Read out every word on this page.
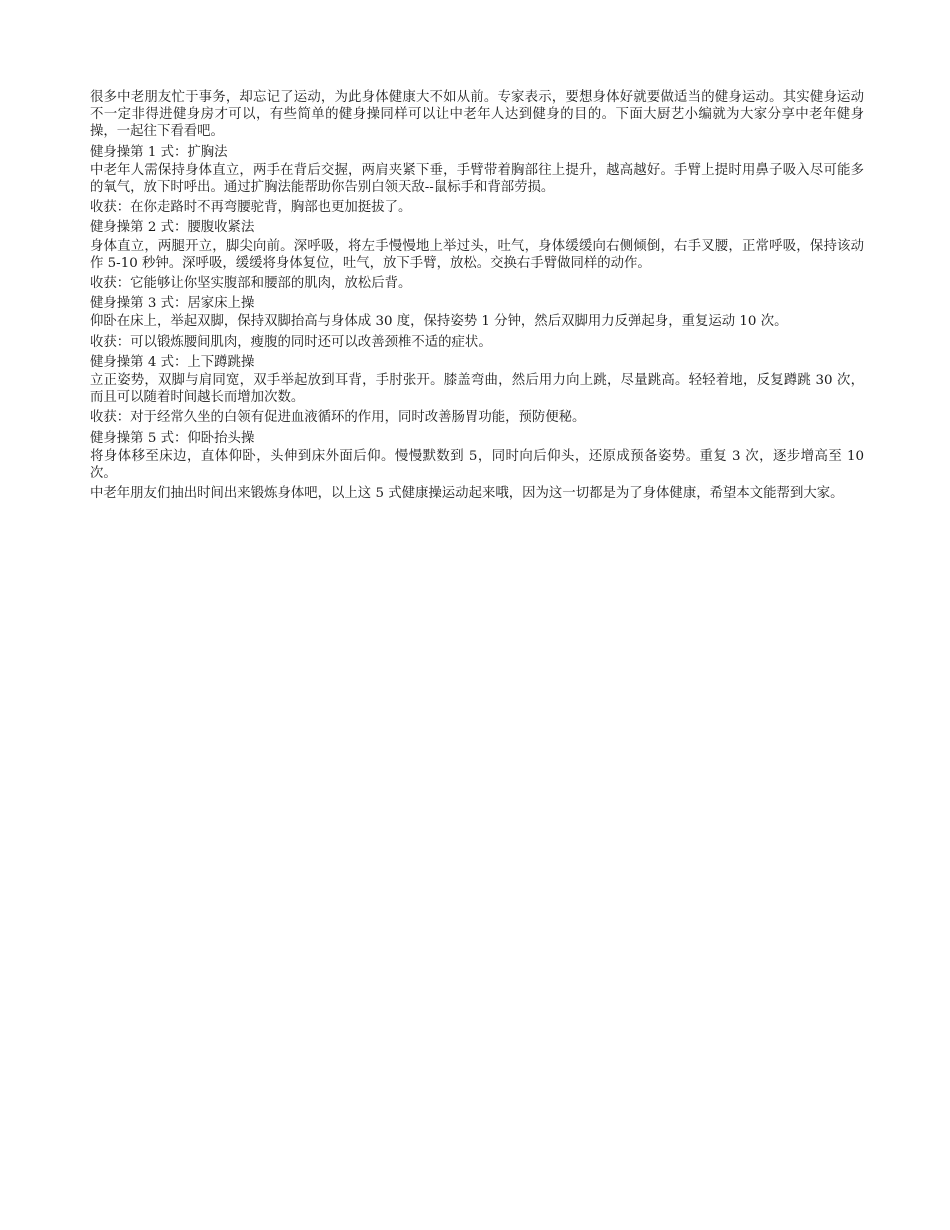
很多中老朋友忙于事务，却忘记了运动，为此身体健康大不如从前。专家表示，要想身体好就要做适当的健身运动。其实健身运动不一定非得进健身房才可以，有些简单的健身操同样可以让中老年人达到健身的目的。下面大厨艺小编就为大家分享中老年健身操，一起往下看看吧。

健身操第 1 式：扩胸法

中老年人需保持身体直立，两手在背后交握，两肩夹紧下垂，手臂带着胸部往上提升，越高越好。手臂上提时用鼻子吸入尽可能多的氧气，放下时呼出。通过扩胸法能帮助你告别白领天敌--鼠标手和背部劳损。

收获：在你走路时不再弯腰驼背，胸部也更加挺拔了。

健身操第 2 式：腰腹收紧法

身体直立，两腿开立，脚尖向前。深呼吸，将左手慢慢地上举过头，吐气，身体缓缓向右侧倾倒，右手叉腰，正常呼吸，保持该动作 5-10 秒钟。深呼吸，缓缓将身体复位，吐气，放下手臂，放松。交换右手臂做同样的动作。

收获：它能够让你坚实腹部和腰部的肌肉，放松后背。

健身操第 3 式：居家床上操

仰卧在床上，举起双脚，保持双脚抬高与身体成 30 度，保持姿势 1 分钟，然后双脚用力反弹起身，重复运动 10 次。

收获：可以锻炼腰间肌肉，瘦腹的同时还可以改善颈椎不适的症状。

健身操第 4 式：上下蹲跳操

立正姿势，双脚与肩同宽，双手举起放到耳背，手肘张开。膝盖弯曲，然后用力向上跳，尽量跳高。轻轻着地，反复蹲跳 30 次，而且可以随着时间越长而增加次数。

收获：对于经常久坐的白领有促进血液循环的作用，同时改善肠胃功能，预防便秘。

健身操第 5 式：仰卧抬头操

将身体移至床边，直体仰卧，头伸到床外面后仰。慢慢默数到 5，同时向后仰头，还原成预备姿势。重复 3 次，逐步增高至 10 次。

中老年朋友们抽出时间出来锻炼身体吧，以上这 5 式健康操运动起来哦，因为这一切都是为了身体健康，希望本文能帮到大家。
